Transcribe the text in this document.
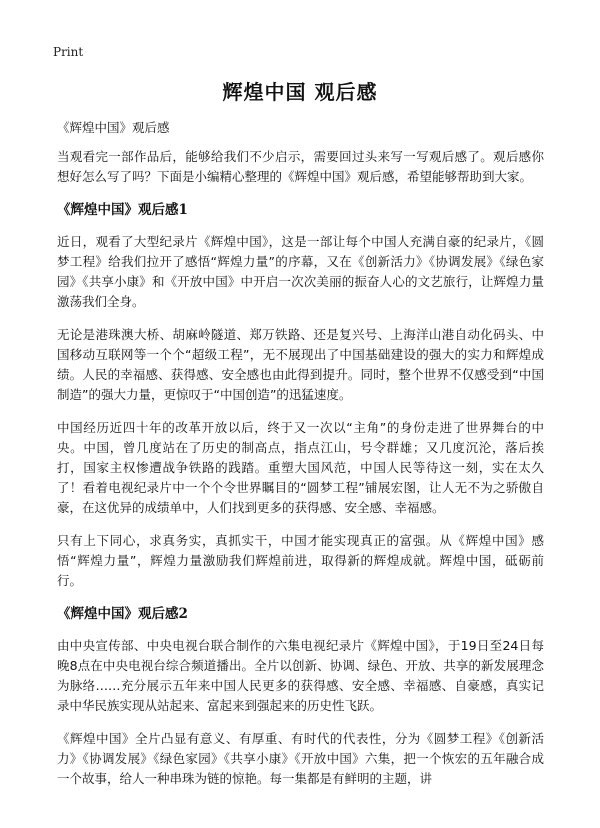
Print
辉煌中国 观后感
《辉煌中国》观后感

当观看完一部作品后，能够给我们不少启示，需要回过头来写一写观后感了。观后感你想好怎么写了吗？下面是小编精心整理的《辉煌中国》观后感，希望能够帮助到大家。

《辉煌中国》观后感1

近日，观看了大型纪录片《辉煌中国》，这是一部让每个中国人充满自豪的纪录片，《圆梦工程》给我们拉开了感悟“辉煌力量”的序幕，又在《创新活力》《协调发展》《绿色家园》《共享小康》和《开放中国》中开启一次次美丽的振奋人心的文艺旅行，让辉煌力量激荡我们全身。

无论是港珠澳大桥、胡麻岭隧道、郑万铁路、还是复兴号、上海洋山港自动化码头、中国移动互联网等一个个“超级工程”，无不展现出了中国基础建设的强大的实力和辉煌成绩。人民的幸福感、获得感、安全感也由此得到提升。同时，整个世界不仅感受到“中国制造”的强大力量，更惊叹于“中国创造”的迅猛速度。

中国经历近四十年的改革开放以后，终于又一次以“主角”的身份走进了世界舞台的中央。中国，曾几度站在了历史的制高点，指点江山，号令群雄；又几度沉沦，落后挨打，国家主权惨遭战争铁路的践踏。重塑大国风范，中国人民等待这一刻，实在太久了！看着电视纪录片中一个个令世界瞩目的“圆梦工程”铺展宏图，让人无不为之骄傲自豪，在这优异的成绩单中，人们找到更多的获得感、安全感、幸福感。

只有上下同心，求真务实，真抓实干，中国才能实现真正的富强。从《辉煌中国》感悟“辉煌力量”，辉煌力量激励我们辉煌前进，取得新的辉煌成就。辉煌中国，砥砺前行。

《辉煌中国》观后感2

由中央宣传部、中央电视台联合制作的六集电视纪录片《辉煌中国》，于19日至24日每晚8点在中央电视台综合频道播出。全片以创新、协调、绿色、开放、共享的新发展理念为脉络……充分展示五年来中国人民更多的获得感、安全感、幸福感、自豪感，真实记录中华民族实现从站起来、富起来到强起来的历史性飞跃。

《辉煌中国》全片凸显有意义、有厚重、有时代的代表性，分为《圆梦工程》《创新活力》《协调发展》《绿色家园》《共享小康》《开放中国》六集，把一个恢宏的五年融合成一个故事，给人一种串珠为链的惊艳。每一集都是有鲜明的主题，讲
